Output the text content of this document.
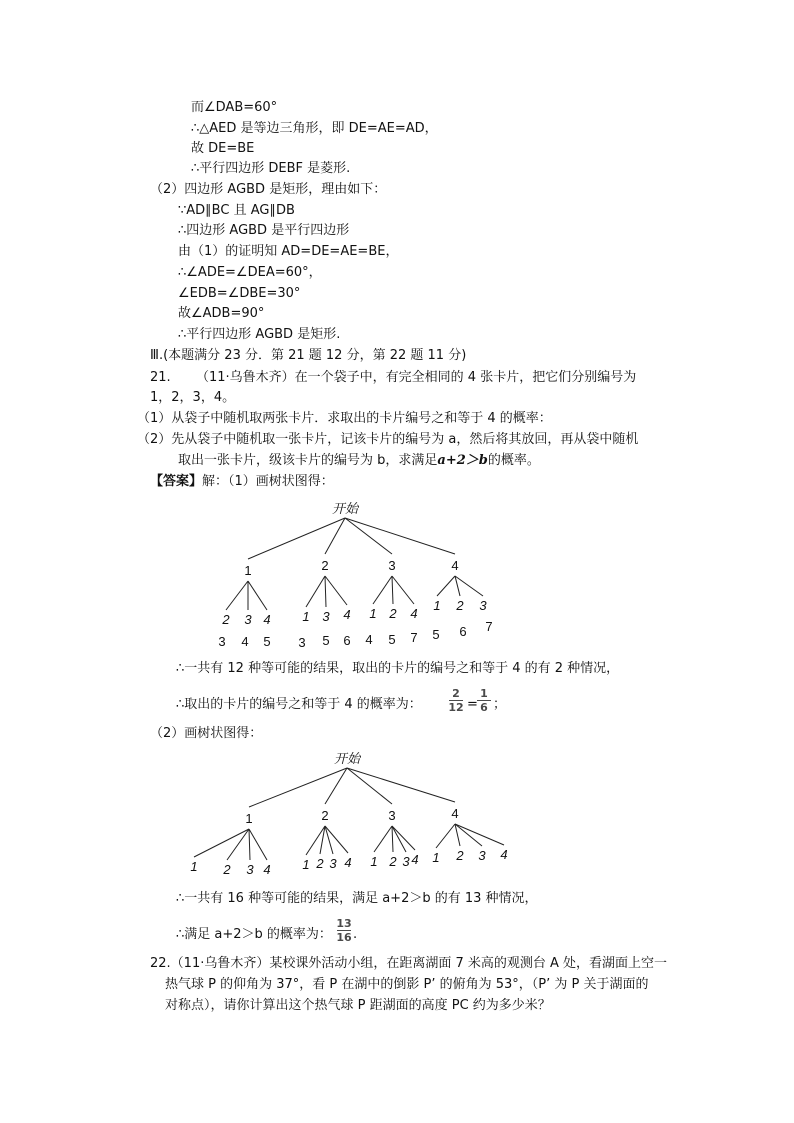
而∠DAB=60°
∴△AED 是等边三角形，即 DE=AE=AD，
故 DE=BE
∴平行四边形 DEBF 是菱形.
（2）四边形 AGBD 是矩形，理由如下：
∵AD∥BC 且 AG∥DB
∴四边形 AGBD 是平行四边形
由（1）的证明知 AD=DE=AE=BE，
∴∠ADE=∠DEA=60°，
∠EDB=∠DBE=30°
故∠ADB=90°
∴平行四边形 AGBD 是矩形.
Ⅲ.(本题满分 23 分．第 21 题 12 分，第 22 题 11 分)
21. （11·乌鲁木齐）在一个袋子中，有完全相同的 4 张卡片，把它们分别编号为
1，2，3，4。
（1）从袋子中随机取两张卡片．求取出的卡片编号之和等于 4 的概率：
（2）先从袋子中随机取一张卡片，记该卡片的编号为 a，然后将其放回，再从袋中随机
取出一张卡片，级该卡片的编号为 b，求满足a+2＞b的概率。
【答案】解：（1）画树状图得：
开始
1
2
3
3
4
4
5
2
1
3
3
5
4
6
3
1
4
2
5
4
7
4
1
5
2
6
3
7
∴一共有 12 种等可能的结果，取出的卡片的编号之和等于 4 的有 2 种情况，
∴取出的卡片的编号之和等于 4 的概率为：
2
12 =
1
6 ；
（2）画树状图得：
开始
1
1 2 3 4
2
1 2 3 4
3
1 2 3 4
4
1 2 3 4
∴一共有 16 种等可能的结果，满足 a+2＞b 的有 13 种情况，
∴满足 a+2＞b 的概率为：
13
16 .
22.（11·乌鲁木齐）某校课外活动小组，在距离湖面 7 米高的观测台 A 处，看湖面上空一
热气球 P 的仰角为 37°，看 P 在湖中的倒影 P’ 的俯角为 53°，（P’ 为 P 关于湖面的
对称点），请你计算出这个热气球 P 距湖面的高度 PC 约为多少米？
